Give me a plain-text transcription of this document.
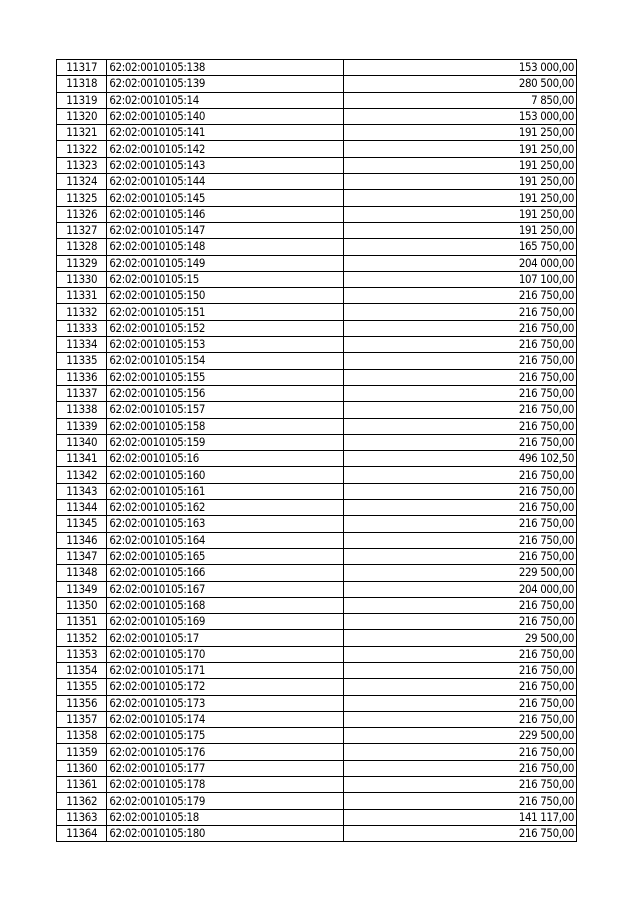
11317	62:02:0010105:138	153 000,00
11318	62:02:0010105:139	280 500,00
11319	62:02:0010105:14	7 850,00
11320	62:02:0010105:140	153 000,00
11321	62:02:0010105:141	191 250,00
11322	62:02:0010105:142	191 250,00
11323	62:02:0010105:143	191 250,00
11324	62:02:0010105:144	191 250,00
11325	62:02:0010105:145	191 250,00
11326	62:02:0010105:146	191 250,00
11327	62:02:0010105:147	191 250,00
11328	62:02:0010105:148	165 750,00
11329	62:02:0010105:149	204 000,00
11330	62:02:0010105:15	107 100,00
11331	62:02:0010105:150	216 750,00
11332	62:02:0010105:151	216 750,00
11333	62:02:0010105:152	216 750,00
11334	62:02:0010105:153	216 750,00
11335	62:02:0010105:154	216 750,00
11336	62:02:0010105:155	216 750,00
11337	62:02:0010105:156	216 750,00
11338	62:02:0010105:157	216 750,00
11339	62:02:0010105:158	216 750,00
11340	62:02:0010105:159	216 750,00
11341	62:02:0010105:16	496 102,50
11342	62:02:0010105:160	216 750,00
11343	62:02:0010105:161	216 750,00
11344	62:02:0010105:162	216 750,00
11345	62:02:0010105:163	216 750,00
11346	62:02:0010105:164	216 750,00
11347	62:02:0010105:165	216 750,00
11348	62:02:0010105:166	229 500,00
11349	62:02:0010105:167	204 000,00
11350	62:02:0010105:168	216 750,00
11351	62:02:0010105:169	216 750,00
11352	62:02:0010105:17	29 500,00
11353	62:02:0010105:170	216 750,00
11354	62:02:0010105:171	216 750,00
11355	62:02:0010105:172	216 750,00
11356	62:02:0010105:173	216 750,00
11357	62:02:0010105:174	216 750,00
11358	62:02:0010105:175	229 500,00
11359	62:02:0010105:176	216 750,00
11360	62:02:0010105:177	216 750,00
11361	62:02:0010105:178	216 750,00
11362	62:02:0010105:179	216 750,00
11363	62:02:0010105:18	141 117,00
11364	62:02:0010105:180	216 750,00
